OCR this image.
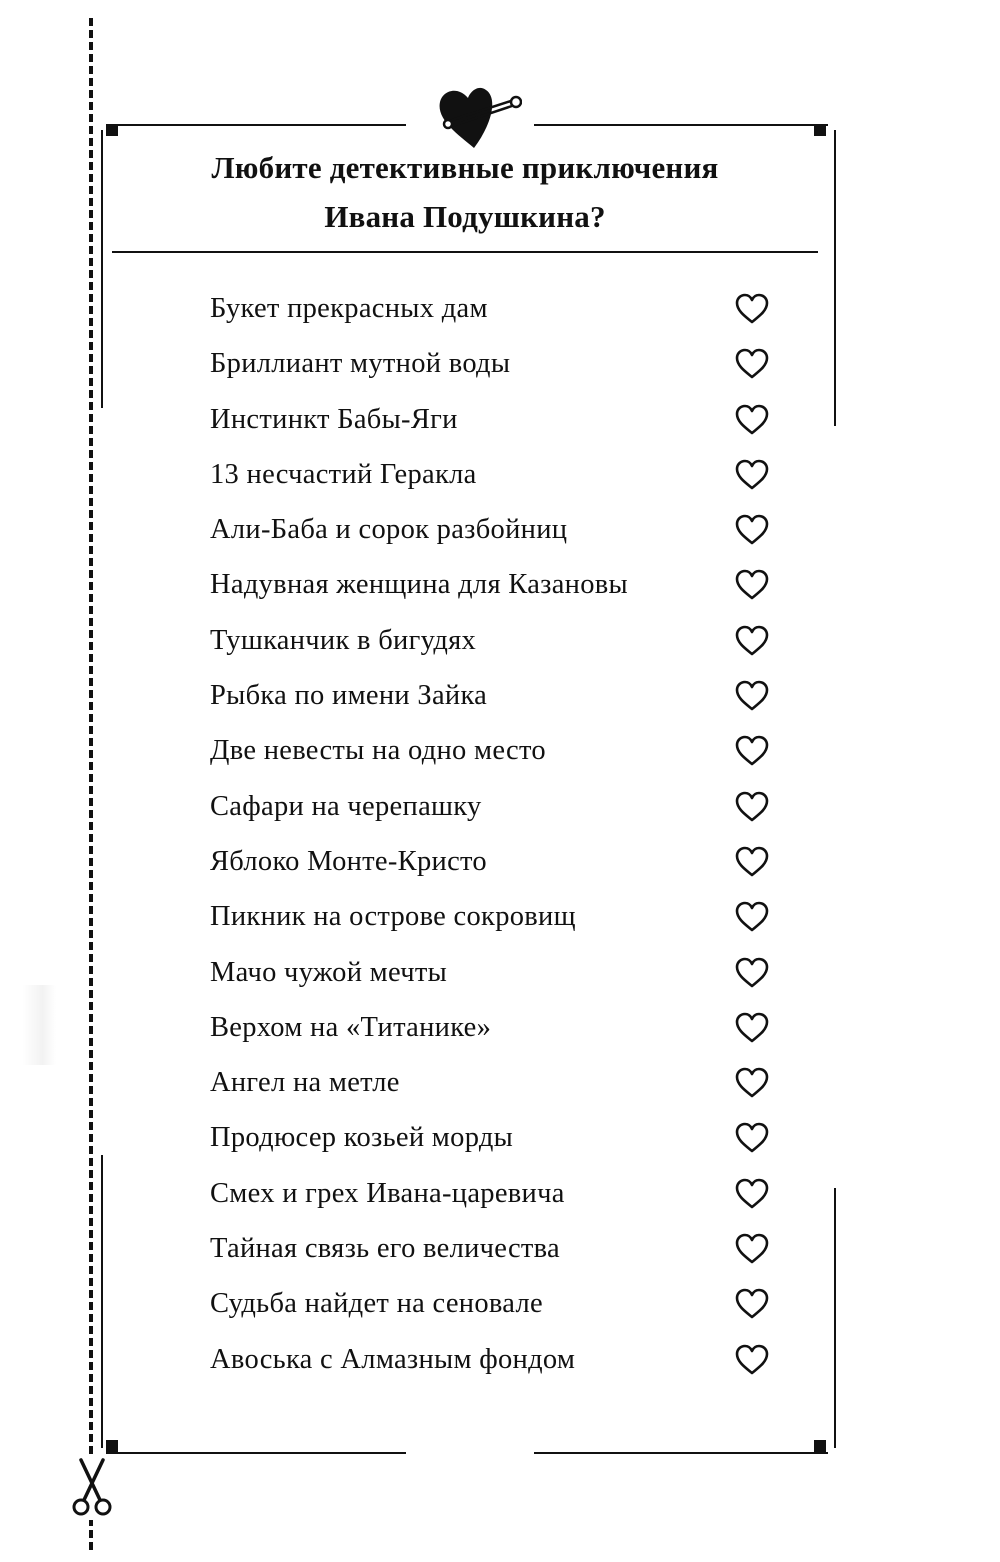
Любите детективные приключения
Ивана Подушкина?
Букет прекрасных дам
Бриллиант мутной воды
Инстинкт Бабы-Яги
13 несчастий Геракла
Али-Баба и сорок разбойниц
Надувная женщина для Казановы
Тушканчик в бигудях
Рыбка по имени Зайка
Две невесты на одно место
Сафари на черепашку
Яблоко Монте-Кристо
Пикник на острове сокровищ
Мачо чужой мечты
Верхом на «Титанике»
Ангел на метле
Продюсер козьей морды
Смех и грех Ивана-царевича
Тайная связь его величества
Судьба найдет на сеновале
Авоська с Алмазным фондом
